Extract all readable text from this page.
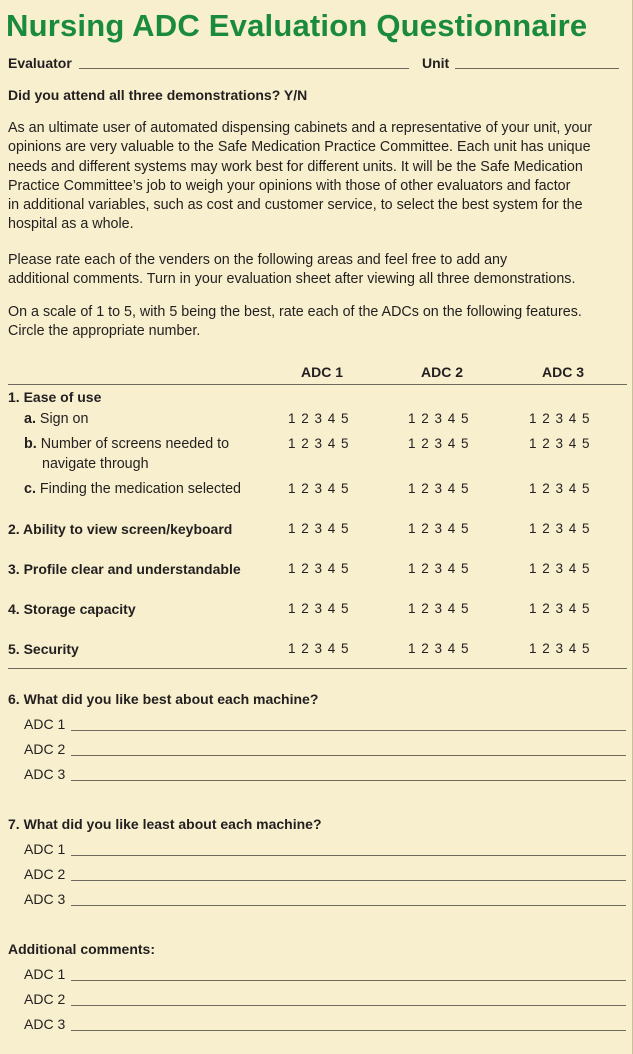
Nursing ADC Evaluation Questionnaire
Evaluator	Unit
Did you attend all three demonstrations? Y/N
As an ultimate user of automated dispensing cabinets and a representative of your unit, your
opinions are very valuable to the Safe Medication Practice Committee. Each unit has unique
needs and different systems may work best for different units. It will be the Safe Medication
Practice Committee’s job to weigh your opinions with those of other evaluators and factor
in additional variables, such as cost and customer service, to select the best system for the
hospital as a whole.
Please rate each of the venders on the following areas and feel free to add any
additional comments. Turn in your evaluation sheet after viewing all three demonstrations.
On a scale of 1 to 5, with 5 being the best, rate each of the ADCs on the following features.
Circle the appropriate number.
ADC 1	ADC 2	ADC 3
1. Ease of use
a. Sign on	1 2 3 4 5	1 2 3 4 5	1 2 3 4 5
b. Number of screens needed to
navigate through
1 2 3 4 5	1 2 3 4 5	1 2 3 4 5
c. Finding the medication selected	1 2 3 4 5	1 2 3 4 5	1 2 3 4 5
2. Ability to view screen/keyboard	1 2 3 4 5	1 2 3 4 5	1 2 3 4 5
3. Profile clear and understandable	1 2 3 4 5	1 2 3 4 5	1 2 3 4 5
4. Storage capacity	1 2 3 4 5	1 2 3 4 5	1 2 3 4 5
5. Security	1 2 3 4 5	1 2 3 4 5	1 2 3 4 5
6. What did you like best about each machine?
ADC 1
ADC 2
ADC 3
7. What did you like least about each machine?
ADC 1
ADC 2
ADC 3
Additional comments:
ADC 1
ADC 2
ADC 3
